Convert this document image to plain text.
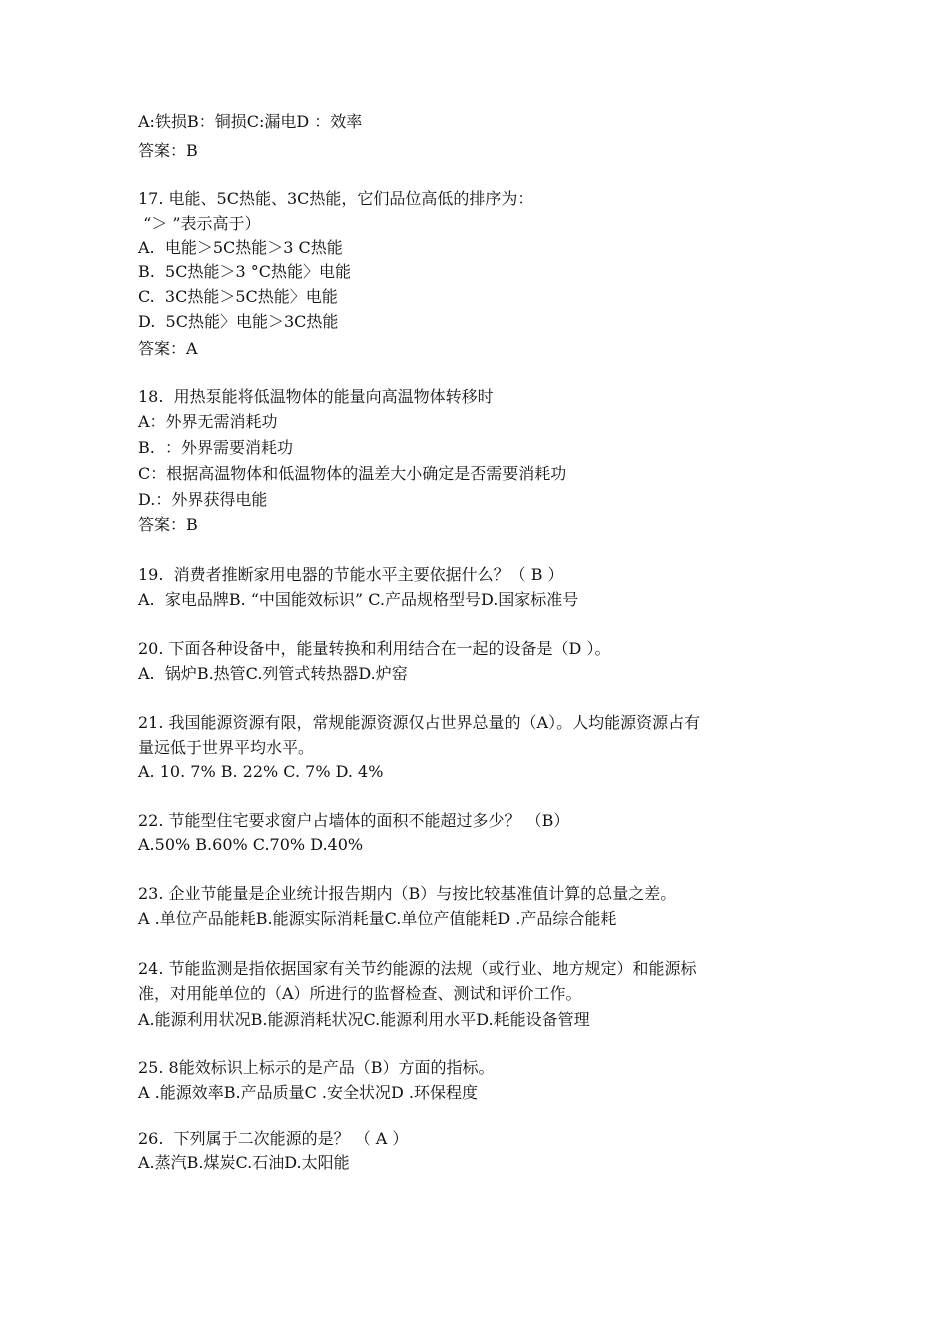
A:铁损B：铜损C:漏电D ：效率
答案：B
17. 电能、5C热能、3C热能，它们品位高低的排序为：
“＞ ”表示高于）
A.  电能＞5C热能＞3 C热能
B.  5C热能＞3 °C热能〉电能
C.  3C热能＞5C热能〉电能
D.  5C热能〉电能＞3C热能
答案：A
18.  用热泵能将低温物体的能量向高温物体转移时
A：外界无需消耗功
B.  ：外界需要消耗功
C：根据高温物体和低温物体的温差大小确定是否需要消耗功
D.：外界获得电能
答案：B
19.  消费者推断家用电器的节能水平主要依据什么？（ B ）
A.  家电品牌B. “中国能效标识” C.产品规格型号D.国家标准号
20. 下面各种设备中，能量转换和利用结合在一起的设备是（D ）。
A.  锅炉B.热管C.列管式转热器D.炉窑
21. 我国能源资源有限，常规能源资源仅占世界总量的（A）。人均能源资源占有
量远低于世界平均水平。
A. 10. 7% B. 22% C. 7% D. 4%
22. 节能型住宅要求窗户占墙体的面积不能超过多少？ （B）
A.50% B.60% C.70% D.40%
23. 企业节能量是企业统计报告期内（B）与按比较基准值计算的总量之差。
A .单位产品能耗B.能源实际消耗量C.单位产值能耗D .产品综合能耗
24. 节能监测是指依据国家有关节约能源的法规（或行业、地方规定）和能源标
准，对用能单位的（A）所进行的监督检查、测试和评价工作。
A.能源利用状况B.能源消耗状况C.能源利用水平D.耗能设备管理
25. 8能效标识上标示的是产品（B）方面的指标。
A .能源效率B.产品质量C .安全状况D .环保程度
26.  下列属于二次能源的是？ （ A ）
A.蒸汽B.煤炭C.石油D.太阳能
